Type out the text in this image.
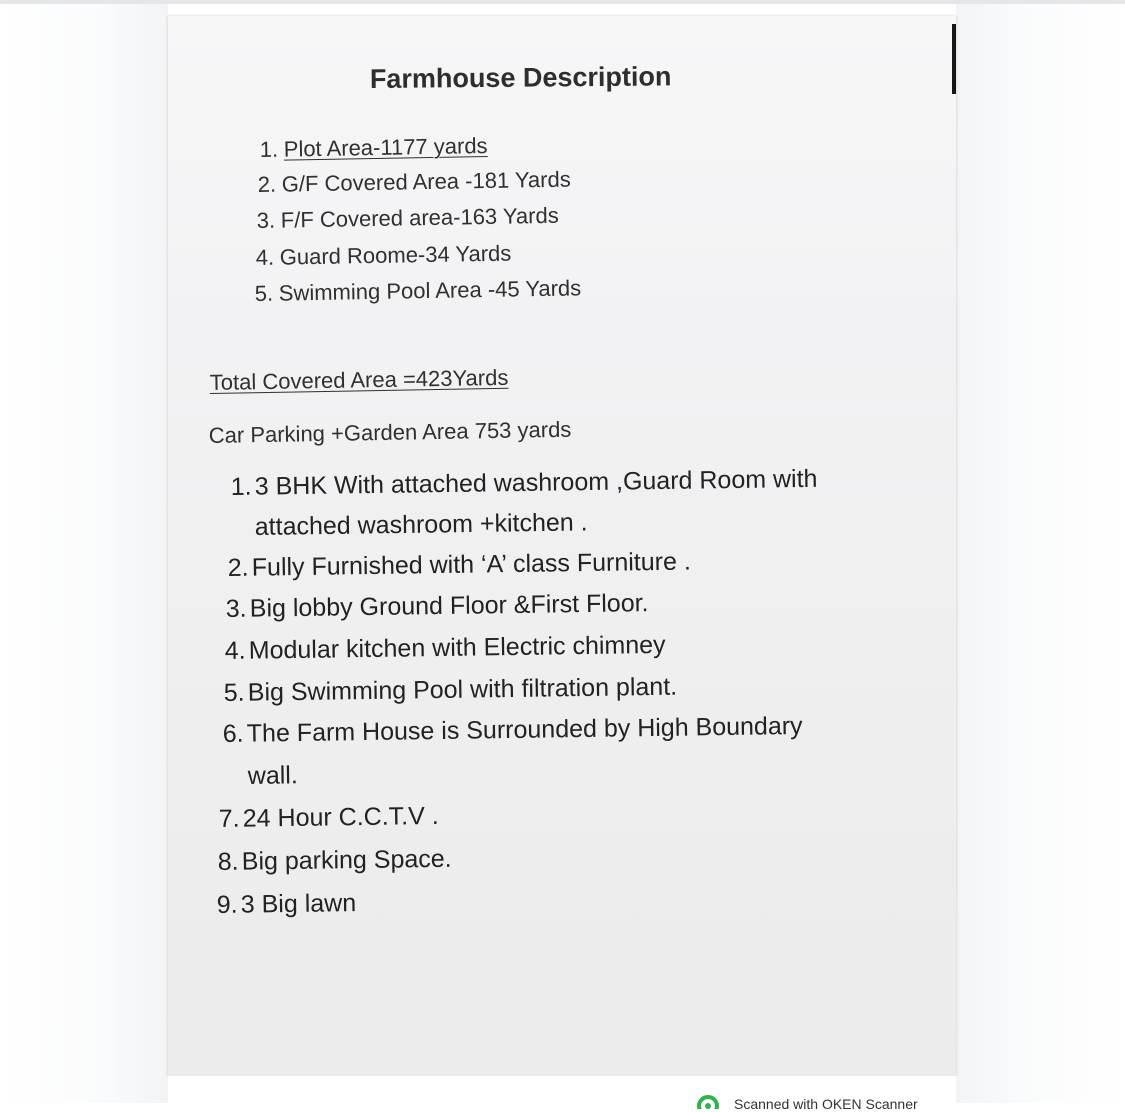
Farmhouse Description
1. Plot Area-1177 yards
2. G/F Covered Area -181 Yards
3. F/F Covered area-163 Yards
4. Guard Roome-34 Yards
5. Swimming Pool Area -45 Yards
Total Covered Area =423Yards
Car Parking +Garden Area 753 yards
1. 3 BHK With attached washroom ,Guard Room with
attached washroom +kitchen .
2. Fully Furnished with ‘A’ class Furniture .
3. Big lobby Ground Floor &First Floor.
4. Modular kitchen with Electric chimney
5. Big Swimming Pool with filtration plant.
6. The Farm House is Surrounded by High Boundary
wall.
7. 24 Hour C.C.T.V .
8. Big parking Space.
9. 3 Big lawn
Scanned with OKEN Scanner
